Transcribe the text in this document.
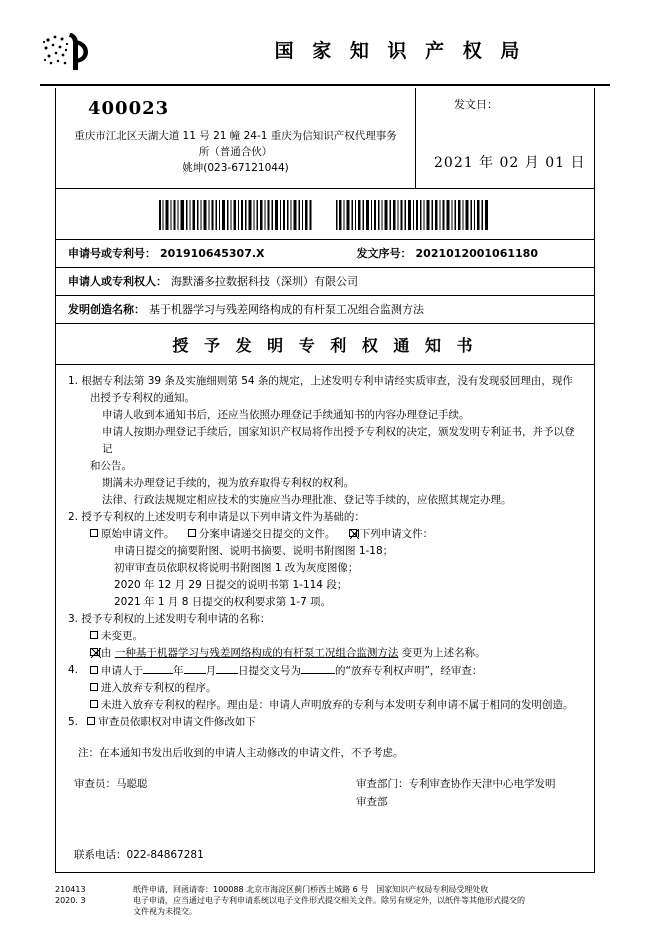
国 家 知 识 产 权 局
400023
重庆市江北区天湖大道 11 号 21 幢 24-1 重庆为信知识产权代理事务
所（普通合伙）
姚坤(023-67121044)
发文日：
2021 年 02 月 01 日
申请号或专利号： 201910645307.X	发文序号： 2021012001061180
申请人或专利权人： 海默潘多拉数据科技（深圳）有限公司
发明创造名称： 基于机器学习与残差网络构成的有杆泵工况组合监测方法
授 予 发 明 专 利 权 通 知 书
1. 根据专利法第 39 条及实施细则第 54 条的规定，上述发明专利申请经实质审查，没有发现驳回理由，现作
出授予专利权的通知。
申请人收到本通知书后，还应当依照办理登记手续通知书的内容办理登记手续。
申请人按期办理登记手续后，国家知识产权局将作出授予专利权的决定，颁发发明专利证书，并予以登记
和公告。
期满未办理登记手续的，视为放弃取得专利权的权利。
法律、行政法规规定相应技术的实施应当办理批准、登记等手续的，应依照其规定办理。
2. 授予专利权的上述发明专利申请是以下列申请文件为基础的：
原始申请文件。 分案申请递交日提交的文件。 下列申请文件：
申请日提交的摘要附图、说明书摘要、说明书附图图 1-18；
初审审查员依职权将说明书附图图 1 改为灰度图像；
2020 年 12 月 29 日提交的说明书第 1-114 段；
2021 年 1 月 8 日提交的权利要求第 1-7 项。
3. 授予专利权的上述发明专利申请的名称：
未变更。
由 一种基于机器学习与残差网络构成的有杆泵工况组合监测方法 变更为上述名称。
4.	申请人于	年 月 日提交文号为	的“放弃专利权声明”，经审查：
进入放弃专利权的程序。
未进入放弃专利权的程序。理由是：申请人声明放弃的专利与本发明专利申请不属于相同的发明创造。
5. 审查员依职权对申请文件修改如下
注：在本通知书发出后收到的申请人主动修改的申请文件，不予考虑。
审查员：马聪聪	审查部门：专利审查协作天津中心电学发明
审查部
联系电话：022-84867281
210413
2020. 3
纸件申请，回函请寄：100088 北京市海淀区蓟门桥西土城路 6 号　国家知识产权局专利局受理处收
电子申请，应当通过电子专利申请系统以电子文件形式提交相关文件。除另有规定外，以纸件等其他形式提交的
文件视为未提交。
